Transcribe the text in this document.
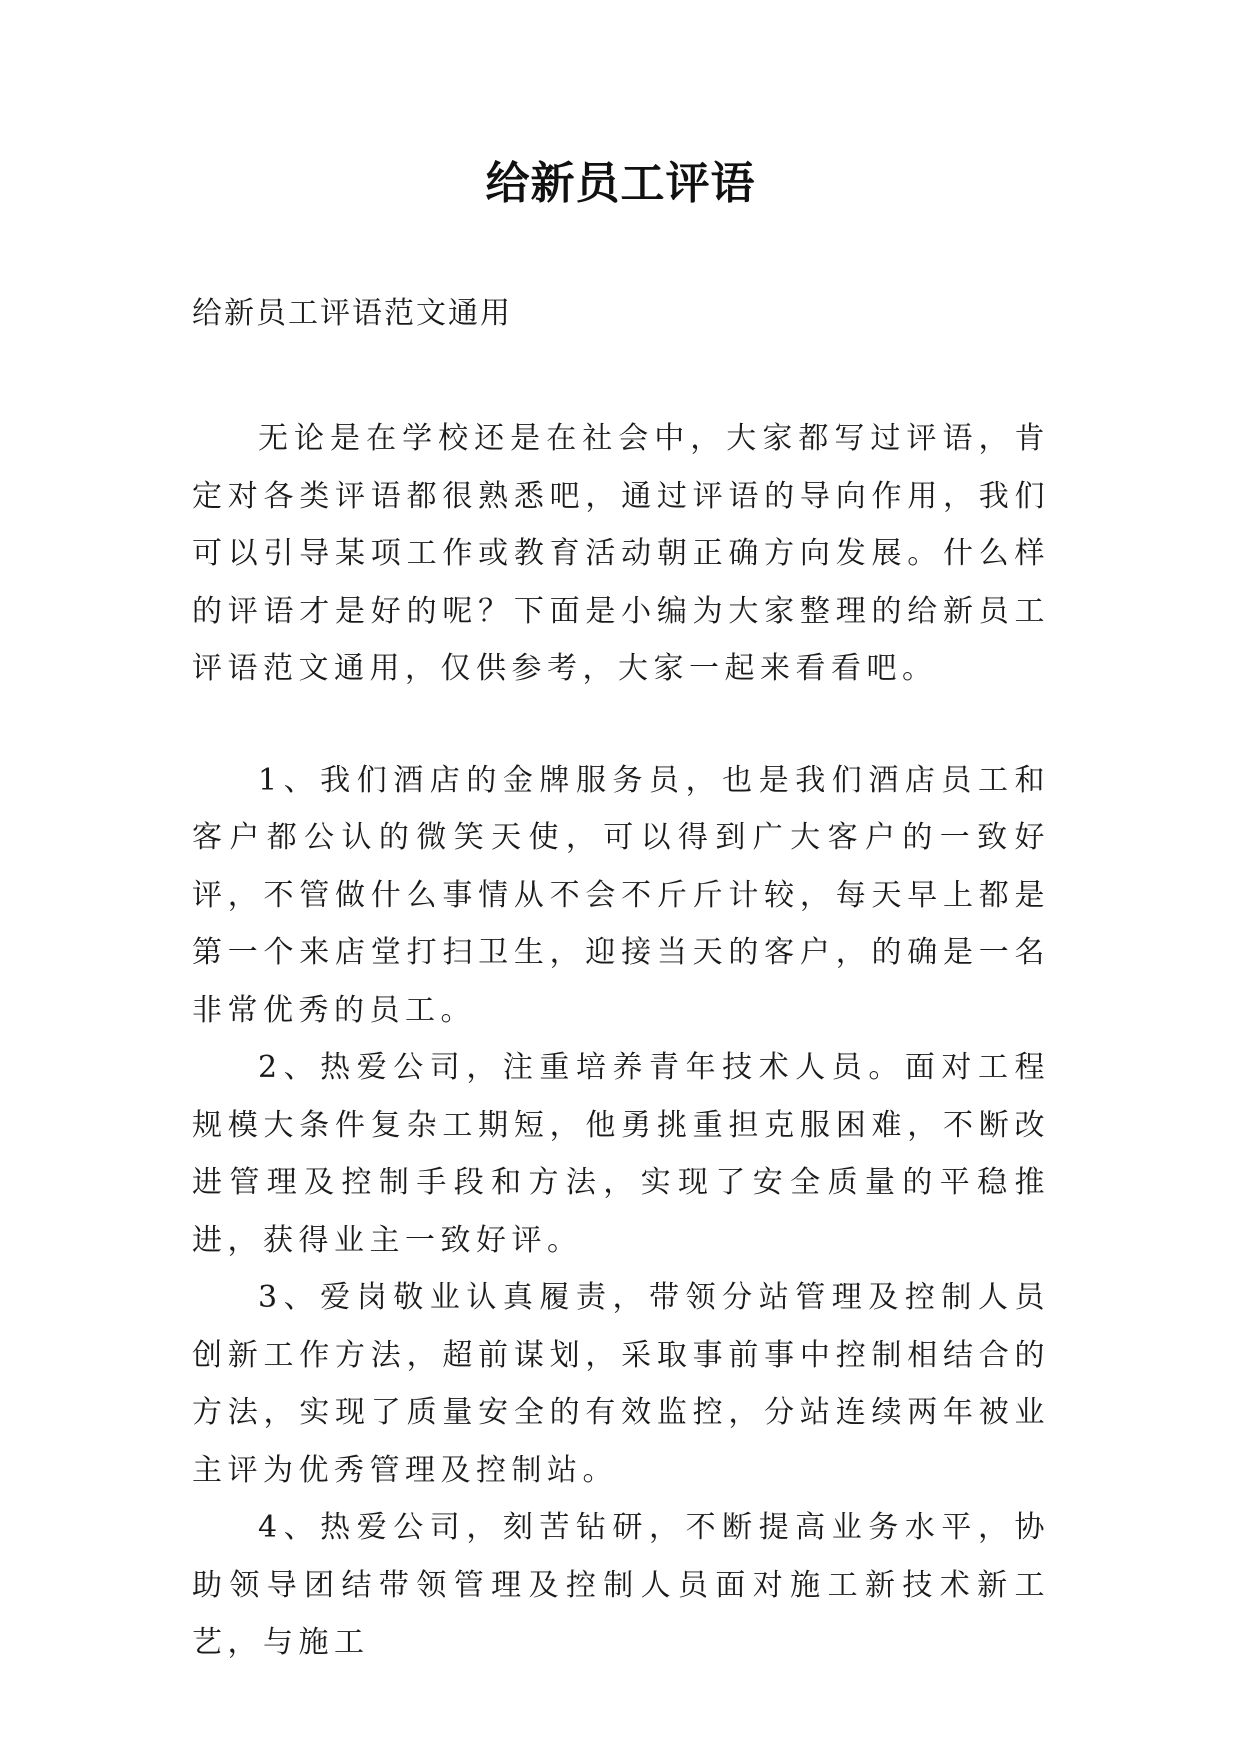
给新员工评语
给新员工评语范文通用

无论是在学校还是在社会中，大家都写过评语，肯定对各类评语都很熟悉吧，通过评语的导向作用，我们可以引导某项工作或教育活动朝正确方向发展。什么样的评语才是好的呢？下面是小编为大家整理的给新员工评语范文通用，仅供参考，大家一起来看看吧。

1、我们酒店的金牌服务员，也是我们酒店员工和客户都公认的微笑天使，可以得到广大客户的一致好评，不管做什么事情从不会不斤斤计较，每天早上都是第一个来店堂打扫卫生，迎接当天的客户，的确是一名非常优秀的员工。

2、热爱公司，注重培养青年技术人员。面对工程规模大条件复杂工期短，他勇挑重担克服困难，不断改进管理及控制手段和方法，实现了安全质量的平稳推进，获得业主一致好评。

3、爱岗敬业认真履责，带领分站管理及控制人员创新工作方法，超前谋划，采取事前事中控制相结合的方法，实现了质量安全的有效监控，分站连续两年被业主评为优秀管理及控制站。

4、热爱公司，刻苦钻研，不断提高业务水平，协助领导团结带领管理及控制人员面对施工新技术新工艺，与施工
